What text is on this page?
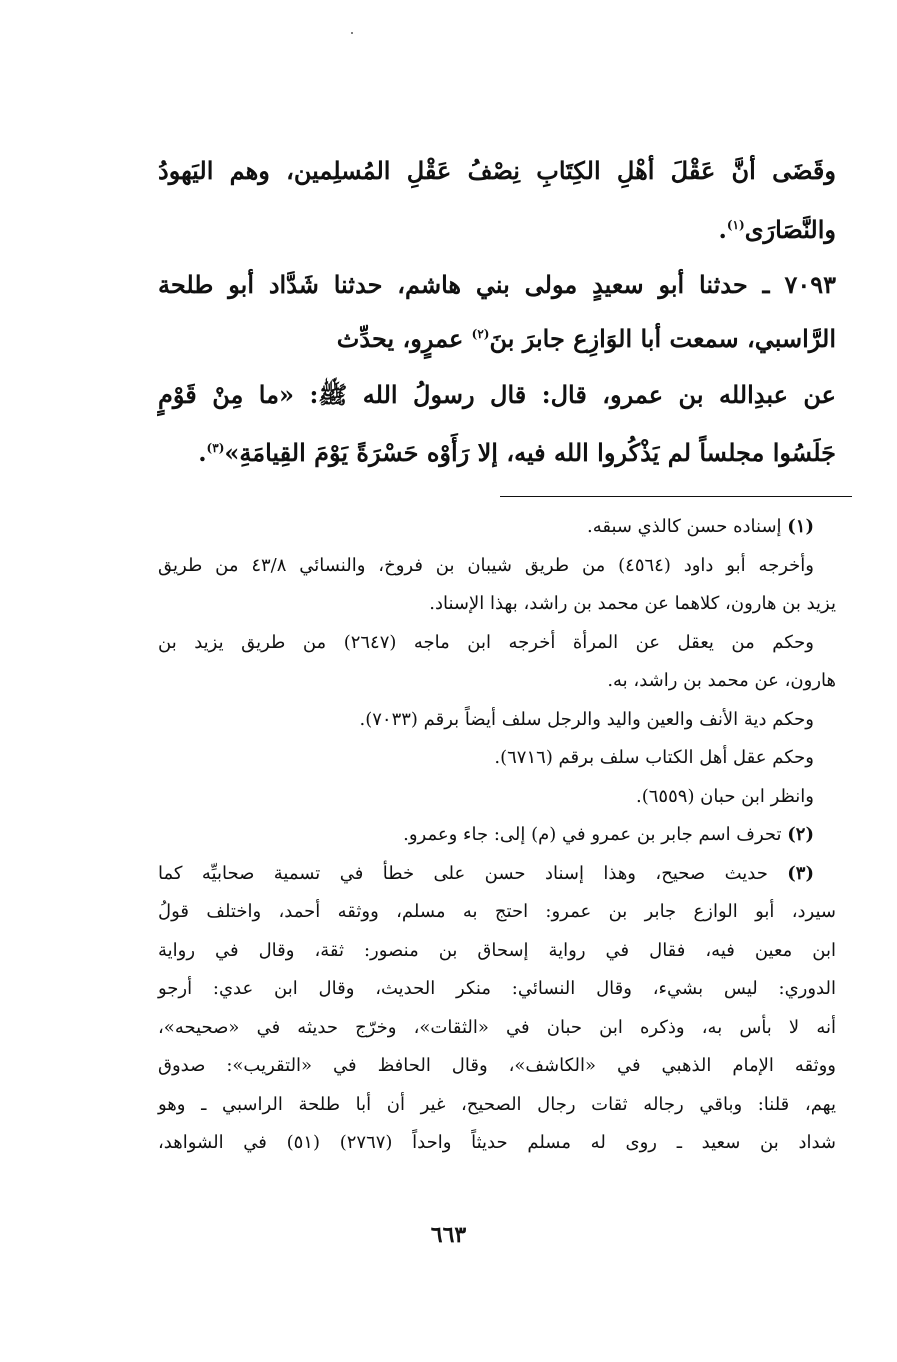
وقَضَى أنَّ عَقْلَ أهْلِ الكِتَابِ نِصْفُ عَقْلِ المُسلِمين، وهم اليَهودُ
والنَّصَارَى$^{(١)}$.
٧٠٩٣ ـ حدثنا أبو سعيدٍ مولى بني هاشم، حدثنا شَدَّاد أبو طلحة
الرَّاسبي، سمعت أبا الوَازِع جابرَ بنَ$^{(٢)}$ عمرٍو، يحدِّث
عن عبدِالله بن عمرو، قال: قال رسولُ الله ﷺ: «ما مِنْ قَوْمٍ
جَلَسُوا مجلساً لم يَذْكُروا الله فيه، إلا رَأَوْه حَسْرَةً يَوْمَ القِيامَةِ»$^{(٣)}$.
(١) إسناده حسن كالذي سبقه.
وأخرجه أبو داود (٤٥٦٤) من طريق شيبان بن فروخ، والنسائي ٤٣/٨ من طريق
يزيد بن هارون، كلاهما عن محمد بن راشد، بهذا الإسناد.
وحكم من يعقل عن المرأة أخرجه ابن ماجه (٢٦٤٧) من طريق يزيد بن
هارون، عن محمد بن راشد، به.
وحكم دية الأنف والعين واليد والرجل سلف أيضاً برقم (٧٠٣٣).
وحكم عقل أهل الكتاب سلف برقم (٦٧١٦).
وانظر ابن حبان (٦٥٥٩).
(٢) تحرف اسم جابر بن عمرو في (م) إلى: جاء وعمرو.
(٣) حديث صحيح، وهذا إسناد حسن على خطأ في تسمية صحابيِّه كما
سيرد، أبو الوازع جابر بن عمرو: احتج به مسلم، ووثقه أحمد، واختلف قولُ
ابن معين فيه، فقال في رواية إسحاق بن منصور: ثقة، وقال في رواية
الدوري: ليس بشيء، وقال النسائي: منكر الحديث، وقال ابن عدي: أرجو
أنه لا بأس به، وذكره ابن حبان في «الثقات»، وخرّج حديثه في «صحيحه»،
ووثقه الإمام الذهبي في «الكاشف»، وقال الحافظ في «التقريب»: صدوق
يهم، قلنا: وباقي رجاله ثقات رجال الصحيح، غير أن أبا طلحة الراسبي ـ وهو
شداد بن سعيد ـ روى له مسلم حديثاً واحداً (٢٧٦٧) (٥١) في الشواهد،
٦٦٣
